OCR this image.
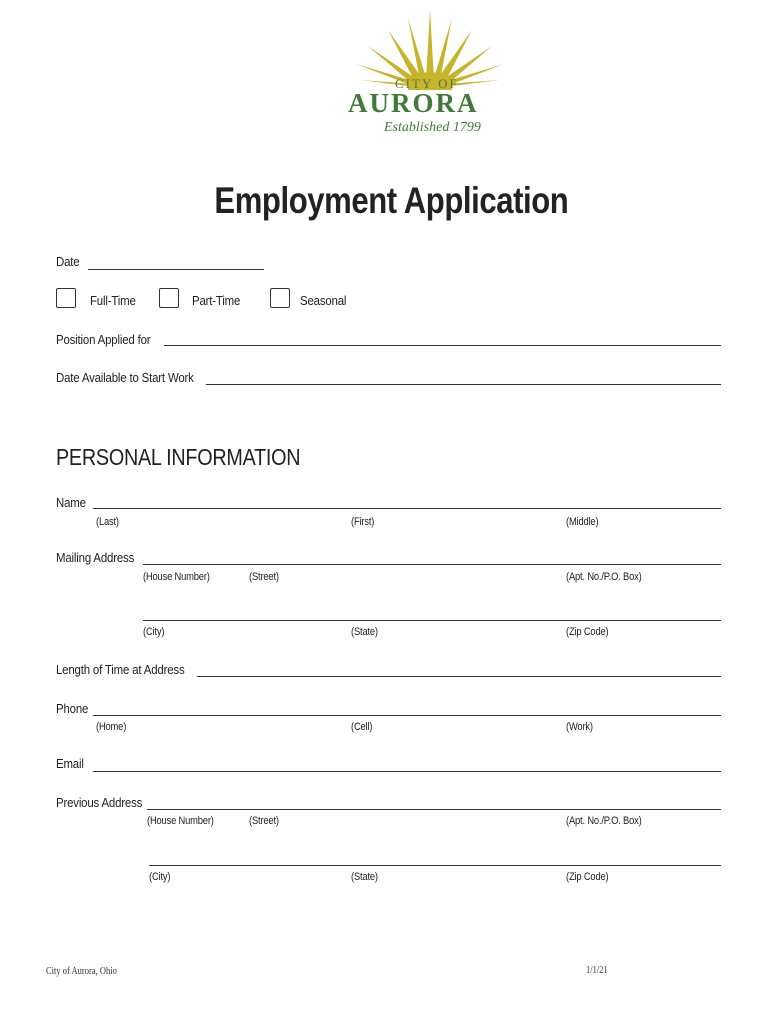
CITY OF
AURORA
Established 1799
Employment Application
Date
Full-Time	Part-Time	Seasonal
Position Applied for
Date Available to Start Work
PERSONAL INFORMATION
Name
(Last)	(First)	(Middle)
Mailing Address
(House Number)	(Street)	(Apt. No./P.O. Box)
(City)	(State)	(Zip Code)
Length of Time at Address
Phone
(Home)	(Cell)	(Work)
Email
Previous Address
(House Number)	(Street)	(Apt. No./P.O. Box)
(City)	(State)	(Zip Code)
City of Aurora, Ohio	1/1/21
